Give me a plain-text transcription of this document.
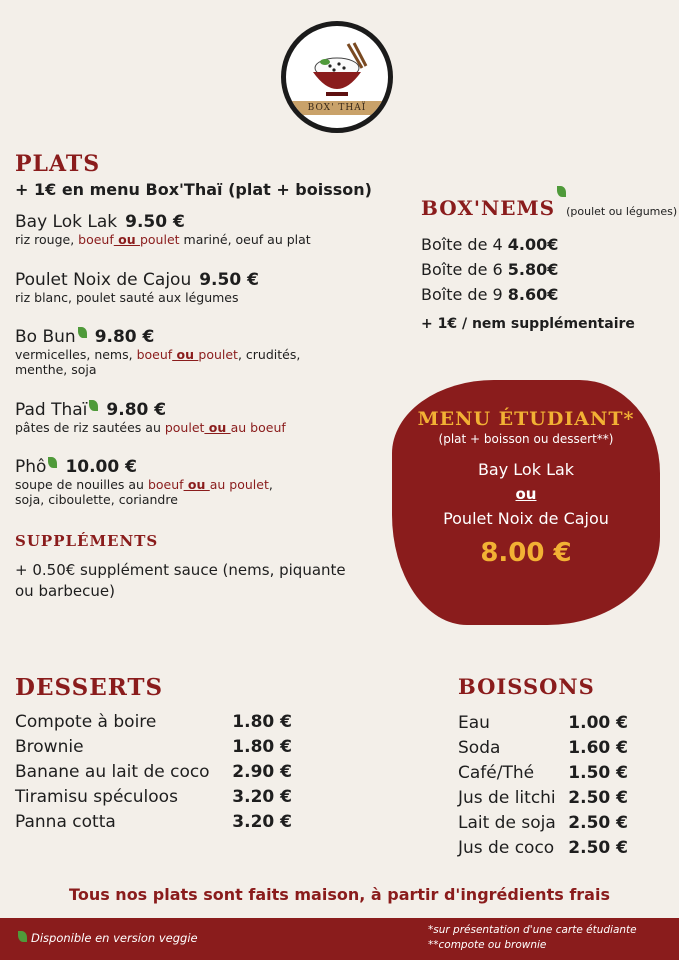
BOX' THAÏ
PLATS
+ 1€ en menu Box'Thaï (plat + boisson)
Bay Lok Lak 9.50 €
riz rouge, boeuf ou poulet mariné, oeuf au plat
Poulet Noix de Cajou 9.50 €
riz blanc, poulet sauté aux légumes
Bo Bun 9.80 €
vermicelles, nems, boeuf ou poulet, crudités,
menthe, soja
Pad Thaï 9.80 €
pâtes de riz sautées au poulet ou au boeuf
Phô 10.00 €
soupe de nouilles au boeuf ou au poulet,
soja, ciboulette, coriandre
SUPPLÉMENTS
+ 0.50€ supplément sauce (nems, piquante
ou barbecue)
BOX'NEMS (poulet ou légumes)
Boîte de 4 4.00€
Boîte de 6 5.80€
Boîte de 9 8.60€
+ 1€ / nem supplémentaire
MENU ÉTUDIANT*
(plat + boisson ou dessert**)
Bay Lok Lak
ou
Poulet Noix de Cajou
8.00 €
DESSERTS
Compote à boire	1.80 €
Brownie	1.80 €
Banane au lait de coco 2.90 €
Tiramisu spéculoos	3.20 €
Panna cotta	3.20 €
BOISSONS
Eau	1.00 €
Soda	1.60 €
Café/Thé 1.50 €
Jus de litchi 2.50 €
Lait de soja 2.50 €
Jus de coco 2.50 €
Tous nos plats sont faits maison, à partir d'ingrédients frais
Disponible en version veggie
*sur présentation d'une carte étudiante
**compote ou brownie
